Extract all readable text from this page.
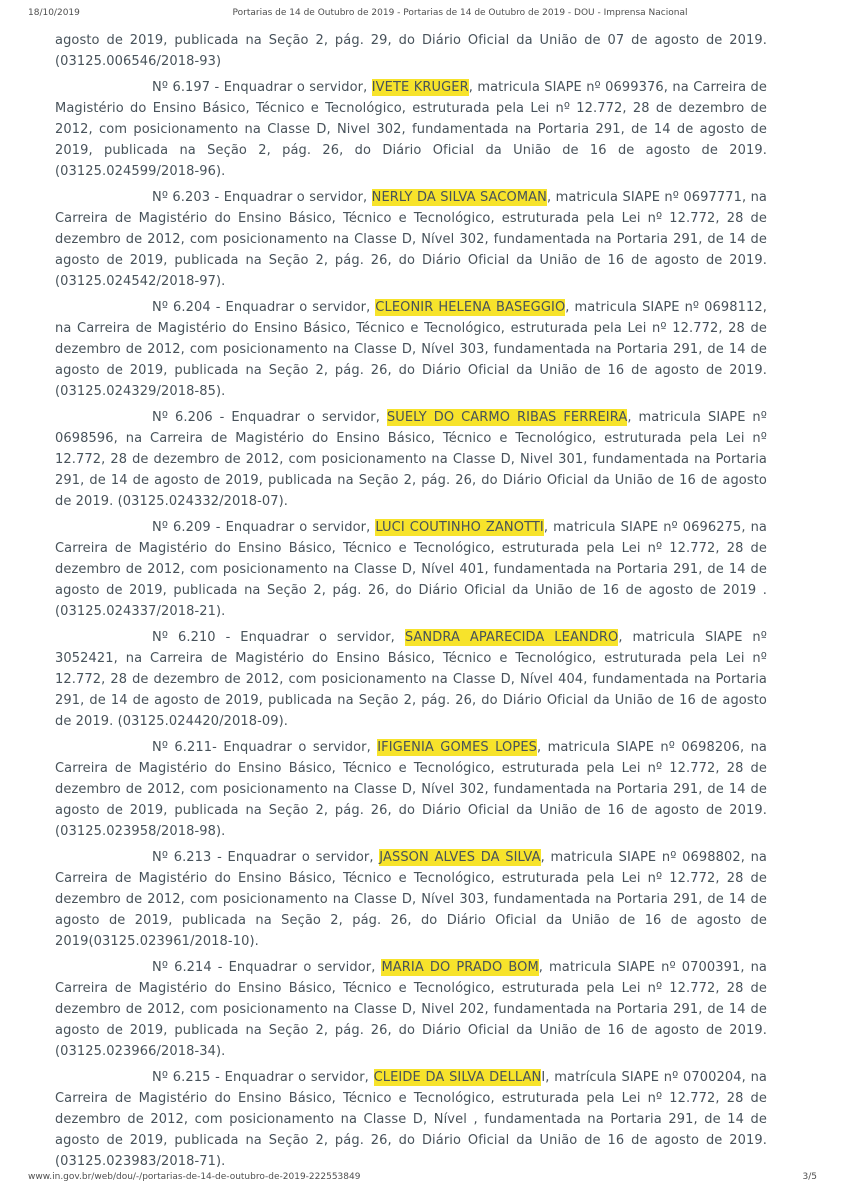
18/10/2019	Portarias de 14 de Outubro de 2019 - Portarias de 14 de Outubro de 2019 - DOU - Imprensa Nacional

agosto de 2019, publicada na Seção 2, pág. 29, do Diário Oficial da União de 07 de agosto de 2019. (03125.006546/2018-93)

Nº 6.197 - Enquadrar o servidor, IVETE KRUGER, matricula SIAPE nº 0699376, na Carreira de Magistério do Ensino Básico, Técnico e Tecnológico, estruturada pela Lei nº 12.772, 28 de dezembro de 2012, com posicionamento na Classe D, Nivel 302, fundamentada na Portaria 291, de 14 de agosto de 2019, publicada na Seção 2, pág. 26, do Diário Oficial da União de 16 de agosto de 2019. (03125.024599/2018-96).

Nº 6.203 - Enquadrar o servidor, NERLY DA SILVA SACOMAN, matricula SIAPE nº 0697771, na Carreira de Magistério do Ensino Básico, Técnico e Tecnológico, estruturada pela Lei nº 12.772, 28 de dezembro de 2012, com posicionamento na Classe D, Nível 302, fundamentada na Portaria 291, de 14 de agosto de 2019, publicada na Seção 2, pág. 26, do Diário Oficial da União de 16 de agosto de 2019. (03125.024542/2018-97).

Nº 6.204 - Enquadrar o servidor, CLEONIR HELENA BASEGGIO, matricula SIAPE nº 0698112, na Carreira de Magistério do Ensino Básico, Técnico e Tecnológico, estruturada pela Lei nº 12.772, 28 de dezembro de 2012, com posicionamento na Classe D, Nível 303, fundamentada na Portaria 291, de 14 de agosto de 2019, publicada na Seção 2, pág. 26, do Diário Oficial da União de 16 de agosto de 2019. (03125.024329/2018-85).

Nº 6.206 - Enquadrar o servidor, SUELY DO CARMO RIBAS FERREIRA, matricula SIAPE nº 0698596, na Carreira de Magistério do Ensino Básico, Técnico e Tecnológico, estruturada pela Lei nº 12.772, 28 de dezembro de 2012, com posicionamento na Classe D, Nivel 301, fundamentada na Portaria 291, de 14 de agosto de 2019, publicada na Seção 2, pág. 26, do Diário Oficial da União de 16 de agosto de 2019. (03125.024332/2018-07).

Nº 6.209 - Enquadrar o servidor, LUCI COUTINHO ZANOTTI, matricula SIAPE nº 0696275, na Carreira de Magistério do Ensino Básico, Técnico e Tecnológico, estruturada pela Lei nº 12.772, 28 de dezembro de 2012, com posicionamento na Classe D, Nível 401, fundamentada na Portaria 291, de 14 de agosto de 2019, publicada na Seção 2, pág. 26, do Diário Oficial da União de 16 de agosto de 2019 . (03125.024337/2018-21).

Nº 6.210 - Enquadrar o servidor, SANDRA APARECIDA LEANDRO, matricula SIAPE nº 3052421, na Carreira de Magistério do Ensino Básico, Técnico e Tecnológico, estruturada pela Lei nº 12.772, 28 de dezembro de 2012, com posicionamento na Classe D, Nível 404, fundamentada na Portaria 291, de 14 de agosto de 2019, publicada na Seção 2, pág. 26, do Diário Oficial da União de 16 de agosto de 2019. (03125.024420/2018-09).

Nº 6.211- Enquadrar o servidor, IFIGENIA GOMES LOPES, matricula SIAPE nº 0698206, na Carreira de Magistério do Ensino Básico, Técnico e Tecnológico, estruturada pela Lei nº 12.772, 28 de dezembro de 2012, com posicionamento na Classe D, Nível 302, fundamentada na Portaria 291, de 14 de agosto de 2019, publicada na Seção 2, pág. 26, do Diário Oficial da União de 16 de agosto de 2019. (03125.023958/2018-98).

Nº 6.213 - Enquadrar o servidor, JASSON ALVES DA SILVA, matricula SIAPE nº 0698802, na Carreira de Magistério do Ensino Básico, Técnico e Tecnológico, estruturada pela Lei nº 12.772, 28 de dezembro de 2012, com posicionamento na Classe D, Nível 303, fundamentada na Portaria 291, de 14 de agosto de 2019, publicada na Seção 2, pág. 26, do Diário Oficial da União de 16 de agosto de 2019(03125.023961/2018-10).

Nº 6.214 - Enquadrar o servidor, MARIA DO PRADO BOM, matricula SIAPE nº 0700391, na Carreira de Magistério do Ensino Básico, Técnico e Tecnológico, estruturada pela Lei nº 12.772, 28 de dezembro de 2012, com posicionamento na Classe D, Nivel 202, fundamentada na Portaria 291, de 14 de agosto de 2019, publicada na Seção 2, pág. 26, do Diário Oficial da União de 16 de agosto de 2019. (03125.023966/2018-34).

Nº 6.215 - Enquadrar o servidor, CLEIDE DA SILVA DELLANI, matrícula SIAPE nº 0700204, na Carreira de Magistério do Ensino Básico, Técnico e Tecnológico, estruturada pela Lei nº 12.772, 28 de dezembro de 2012, com posicionamento na Classe D, Nível , fundamentada na Portaria 291, de 14 de agosto de 2019, publicada na Seção 2, pág. 26, do Diário Oficial da União de 16 de agosto de 2019. (03125.023983/2018-71).

www.in.gov.br/web/dou/-/portarias-de-14-de-outubro-de-2019-222553849	3/5
